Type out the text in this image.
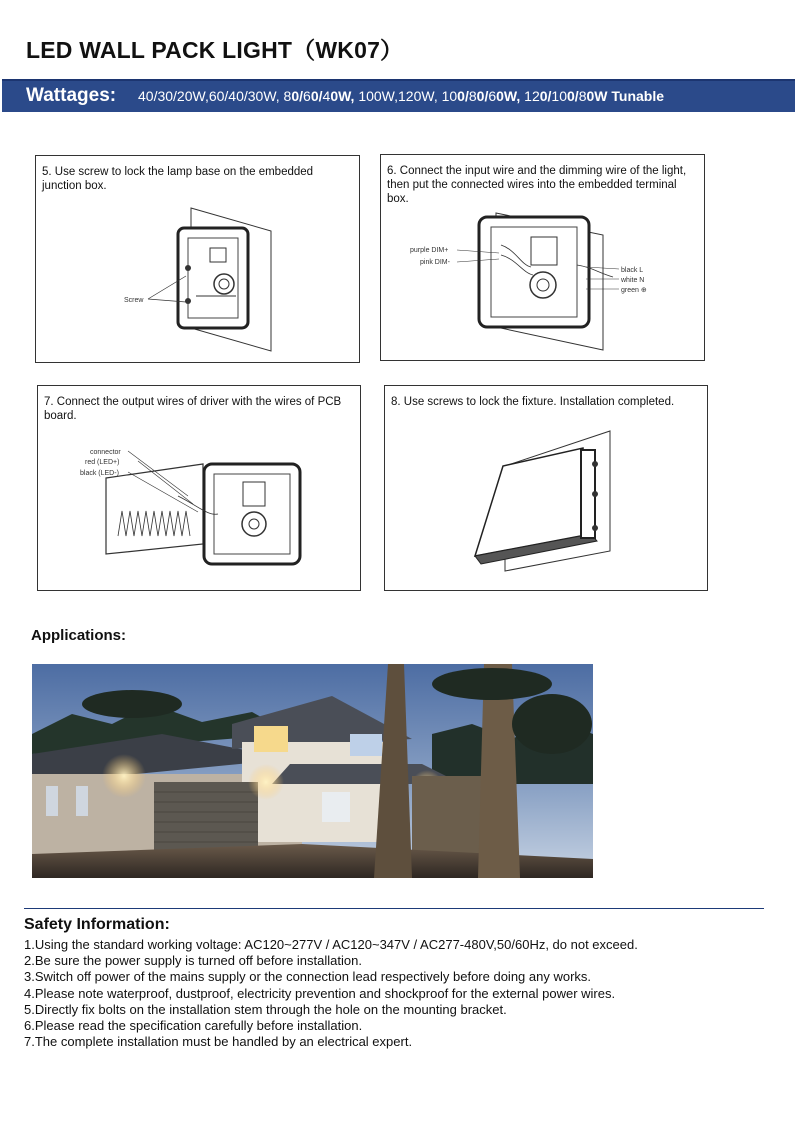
LED WALL PACK LIGHT（WK07）
Wattages: 40/30/20W,60/40/30W, 80/60/40W, 100W,120W, 100/80/60W, 120/100/80W Tunable
5. Use screw to lock the lamp base on the embedded junction box.
Screw
6. Connect the input wire and the dimming wire of the light, then put the connected wires into the embedded terminal box.
purple DIM+
pink DIM-
black L
white N
green ⊕
7. Connect the output wires of driver with the wires of PCB board.
connector
red (LED+)
black (LED-)
8. Use screws to lock the fixture. Installation completed.
Applications:
Safety Information:
1.Using the standard working voltage: AC120~277V / AC120~347V / AC277-480V,50/60Hz, do not exceed.
2.Be sure the power supply is turned off before installation.
3.Switch off power of the mains supply or the connection lead respectively before doing any works.
4.Please note waterproof, dustproof, electricity prevention and shockproof for the external power wires.
5.Directly fix bolts on the installation stem through the hole on the mounting bracket.
6.Please read the specification carefully before installation.
7.The complete installation must be handled by an electrical expert.
